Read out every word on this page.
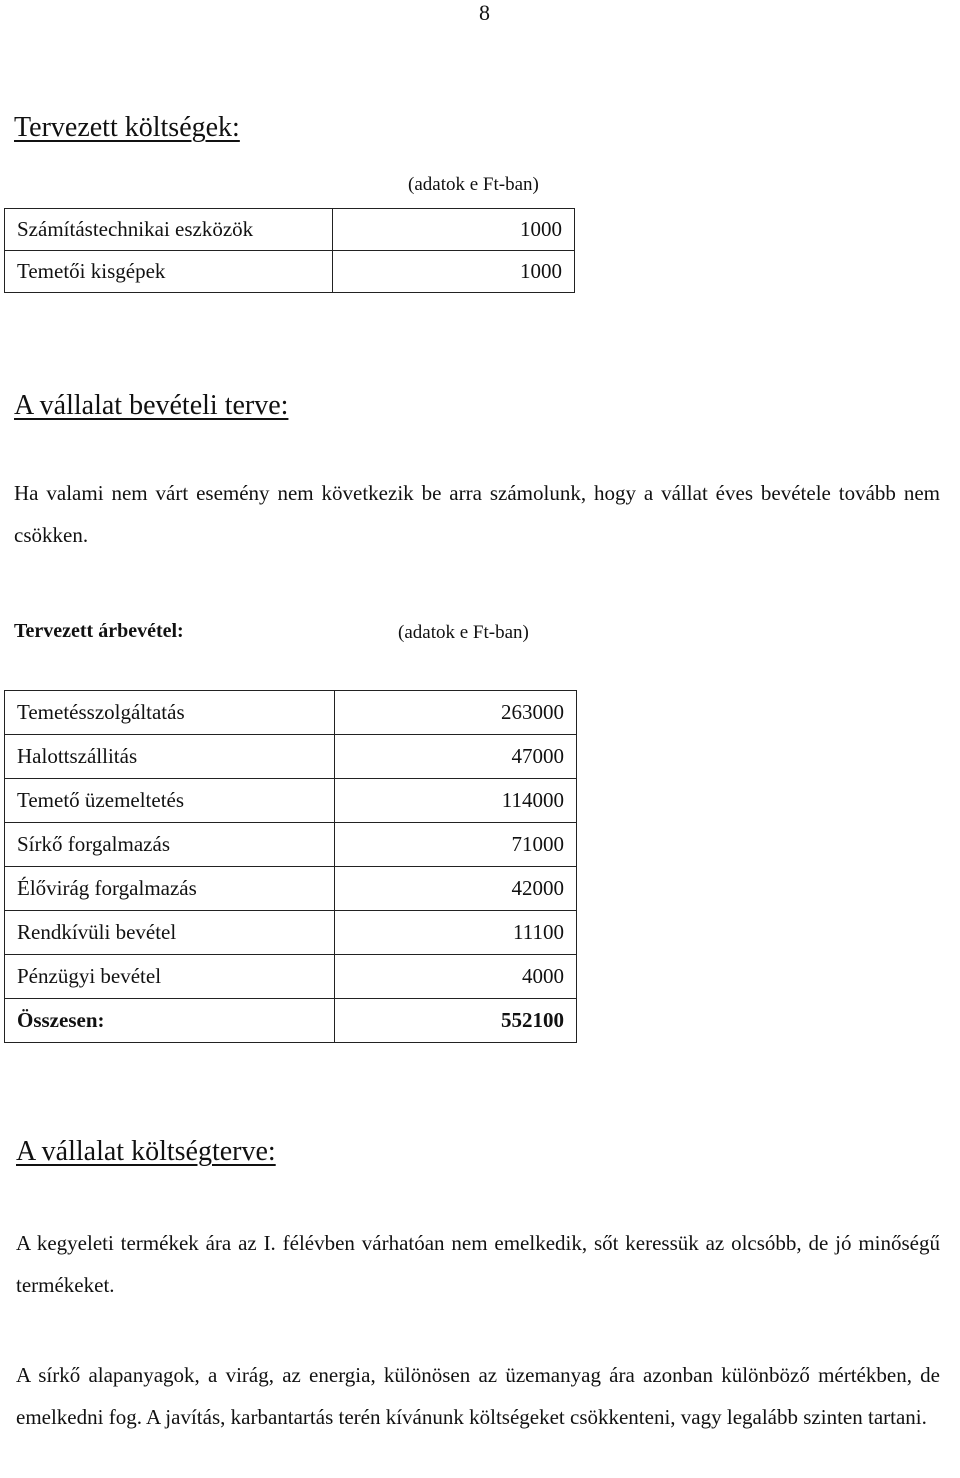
8
Tervezett költségek:
(adatok e Ft-ban)
Számítástechnikai eszközök	1000
Temetői kisgépek	1000
A vállalat bevételi terve:
Ha valami nem várt esemény nem következik be arra számolunk, hogy a vállat éves bevétele tovább nem csökken.
Tervezett árbevétel:	(adatok e Ft-ban)
Temetésszolgáltatás	263000
Halottszállitás	47000
Temető üzemeltetés	114000
Sírkő forgalmazás	71000
Élővirág forgalmazás	42000
Rendkívüli bevétel	11100
Pénzügyi bevétel	4000
Összesen:	552100
A vállalat költségterve:
A kegyeleti termékek ára az I. félévben várhatóan nem emelkedik, sőt keressük az olcsóbb, de jó minőségű termékeket.
A sírkő alapanyagok, a virág, az energia, különösen az üzemanyag ára azonban különböző mértékben, de emelkedni fog. A javítás, karbantartás terén kívánunk költségeket csökkenteni, vagy legalább szinten tartani.
